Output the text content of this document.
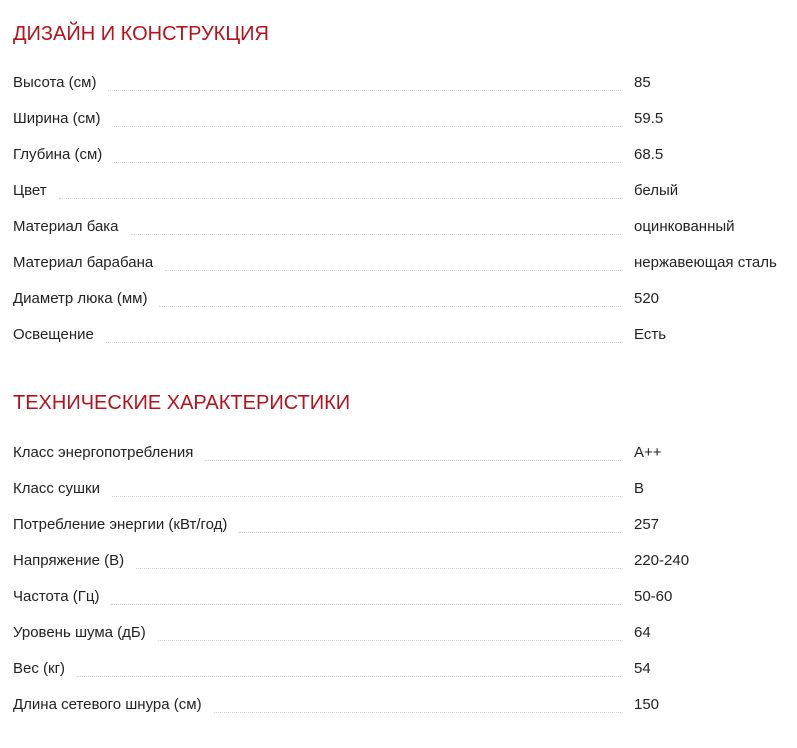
ДИЗАЙН И КОНСТРУКЦИЯ
Высота (см)	85
Ширина (см)	59.5
Глубина (см)	68.5
Цвет	белый
Материал бака	оцинкованный
Материал барабана	нержавеющая сталь
Диаметр люка (мм)	520
Освещение	Есть
ТЕХНИЧЕСКИЕ ХАРАКТЕРИСТИКИ
Класс энергопотребления	A++
Класс сушки	B
Потребление энергии (кВт/год)	257
Напряжение (В)	220-240
Частота (Гц)	50-60
Уровень шума (дБ)	64
Вес (кг)	54
Длина сетевого шнура (см)	150
